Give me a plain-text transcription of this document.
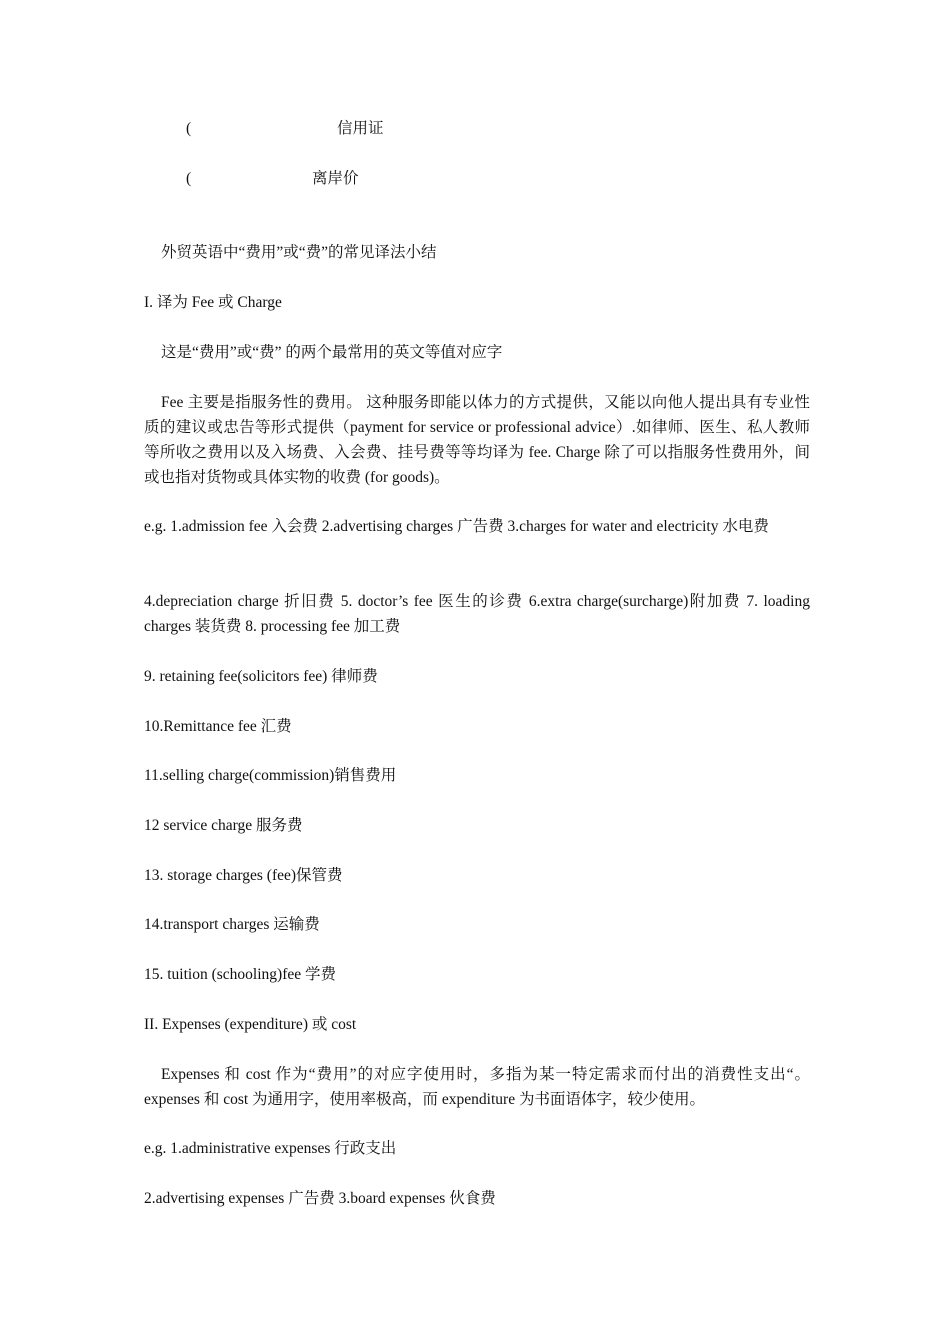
(	信用证
(	离岸价

外贸英语中“费用”或“费”的常见译法小结

I. 译为 Fee 或 Charge

这是“费用”或“费” 的两个最常用的英文等值对应字

Fee 主要是指服务性的费用。 这种服务即能以体力的方式提供，又能以向他人提出具有专业性质的建议或忠告等形式提供（payment for service or professional advice）.如律师、医生、私人教师等所收之费用以及入场费、入会费、挂号费等等均译为 fee. Charge 除了可以指服务性费用外，间或也指对货物或具体实物的收费 (for goods)。

e.g. 1.admission fee 入会费 2.advertising charges 广告费 3.charges for water and electricity 水电费

4.depreciation charge 折旧费 5. doctor’s fee 医生的诊费 6.extra charge(surcharge)附加费 7. loading charges 装货费 8. processing fee 加工费

9. retaining fee(solicitors fee) 律师费

10.Remittance fee 汇费

11.selling charge(commission)销售费用

12 service charge 服务费

13. storage charges (fee)保管费

14.transport charges 运输费

15. tuition (schooling)fee 学费

II. Expenses (expenditure) 或 cost

Expenses 和 cost 作为“费用”的对应字使用时，多指为某一特定需求而付出的消费性支出“。expenses 和 cost 为通用字，使用率极高，而 expenditure 为书面语体字，较少使用。

e.g. 1.administrative expenses 行政支出

2.advertising expenses 广告费 3.board expenses 伙食费
